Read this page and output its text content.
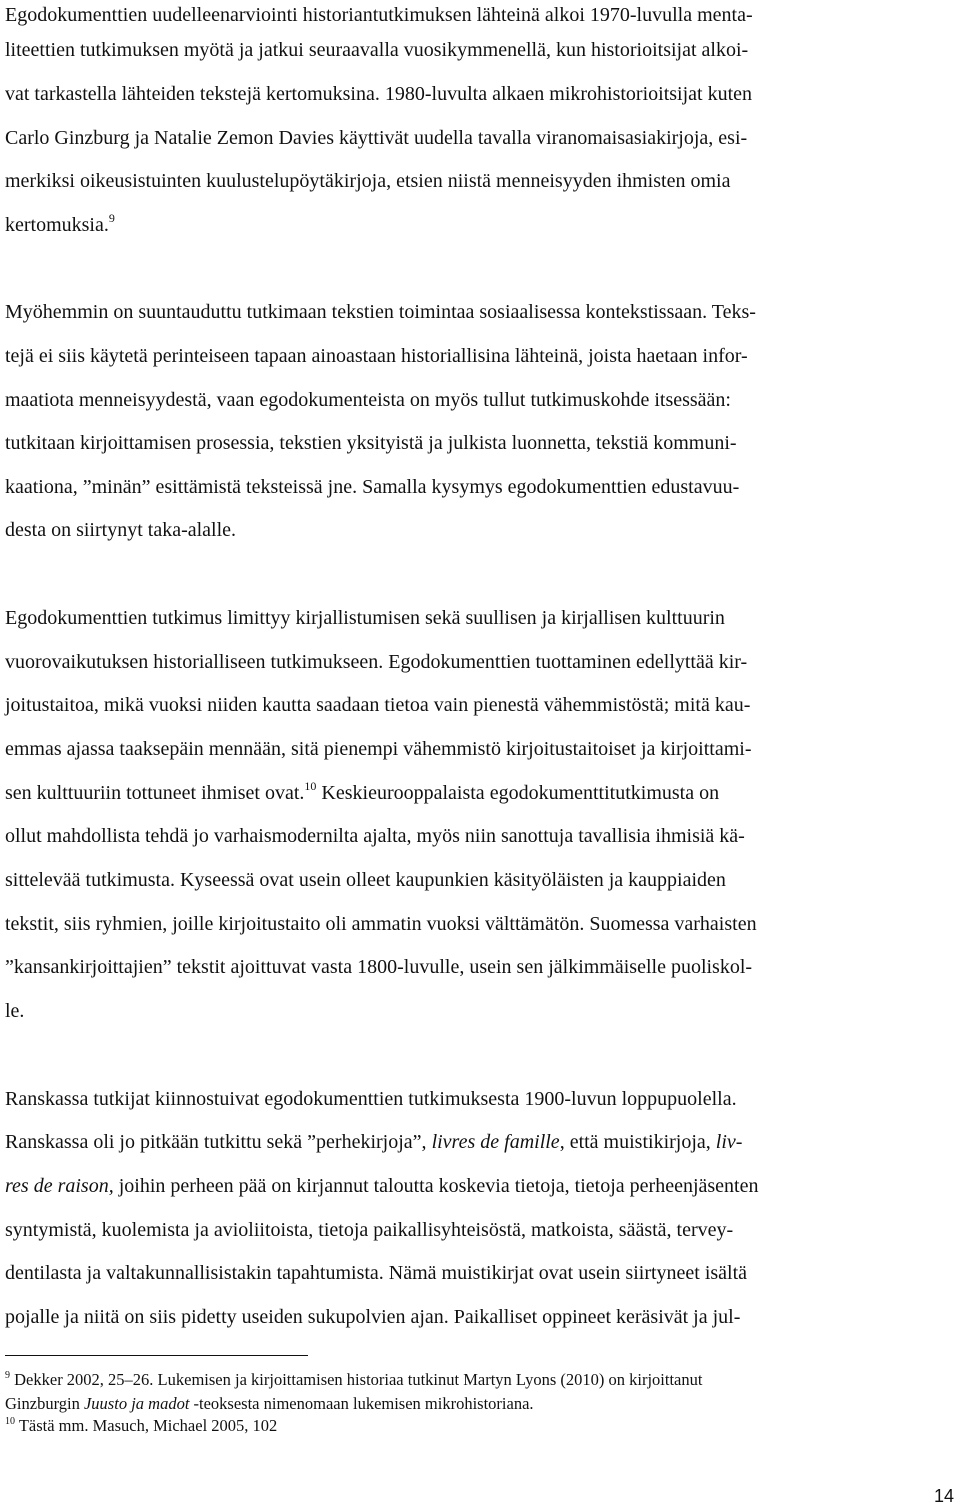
Egodokumenttien uudelleenarviointi historiantutkimuksen lähteinä alkoi 1970-luvulla menta-
liteettien tutkimuksen myötä ja jatkui seuraavalla vuosikymmenellä, kun historioitsijat alkoi-
vat tarkastella lähteiden tekstejä kertomuksina. 1980-luvulta alkaen mikrohistorioitsijat kuten
Carlo Ginzburg ja Natalie Zemon Davies käyttivät uudella tavalla viranomaisasiakirjoja, esi-
merkiksi oikeusistuinten kuulustelupöytäkirjoja, etsien niistä menneisyyden ihmisten omia
kertomuksia.$^9$
Myöhemmin on suuntauduttu tutkimaan tekstien toimintaa sosiaalisessa kontekstissaan. Teks-
tejä ei siis käytetä perinteiseen tapaan ainoastaan historiallisina lähteinä, joista haetaan infor-
maatiota menneisyydestä, vaan egodokumenteista on myös tullut tutkimuskohde itsessään:
tutkitaan kirjoittamisen prosessia, tekstien yksityistä ja julkista luonnetta, tekstiä kommuni-
kaationa, ”minän” esittämistä teksteissä jne. Samalla kysymys egodokumenttien edustavuu-
desta on siirtynyt taka-alalle.
Egodokumenttien tutkimus limittyy kirjallistumisen sekä suullisen ja kirjallisen kulttuurin
vuorovaikutuksen historialliseen tutkimukseen. Egodokumenttien tuottaminen edellyttää kir-
joitustaitoa, mikä vuoksi niiden kautta saadaan tietoa vain pienestä vähemmistöstä; mitä kau-
emmas ajassa taaksepäin mennään, sitä pienempi vähemmistö kirjoitustaitoiset ja kirjoittami-
sen kulttuuriin tottuneet ihmiset ovat.$^{10}$ Keskieurooppalaista egodokumenttitutkimusta on
ollut mahdollista tehdä jo varhaismodernilta ajalta, myös niin sanottuja tavallisia ihmisiä kä-
sittelevää tutkimusta. Kyseessä ovat usein olleet kaupunkien käsityöläisten ja kauppiaiden
tekstit, siis ryhmien, joille kirjoitustaito oli ammatin vuoksi välttämätön. Suomessa varhaisten
”kansankirjoittajien” tekstit ajoittuvat vasta 1800-luvulle, usein sen jälkimmäiselle puoliskol-
le.
Ranskassa tutkijat kiinnostuivat egodokumenttien tutkimuksesta 1900-luvun loppupuolella.
Ranskassa oli jo pitkään tutkittu sekä ”perhekirjoja”, livres de famille, että muistikirjoja, liv-
res de raison, joihin perheen pää on kirjannut taloutta koskevia tietoja, tietoja perheenjäsenten
syntymistä, kuolemista ja avioliitoista, tietoja paikallisyhteisöstä, matkoista, säästä, tervey-
dentilasta ja valtakunnallisistakin tapahtumista. Nämä muistikirjat ovat usein siirtyneet isältä
pojalle ja niitä on siis pidetty useiden sukupolvien ajan. Paikalliset oppineet keräsivät ja jul-
$^9$ Dekker 2002, 25–26. Lukemisen ja kirjoittamisen historiaa tutkinut Martyn Lyons (2010) on kirjoittanut
Ginzburgin Juusto ja madot -teoksesta nimenomaan lukemisen mikrohistoriana.
$^{10}$ Tästä mm. Masuch, Michael 2005, 102
14
